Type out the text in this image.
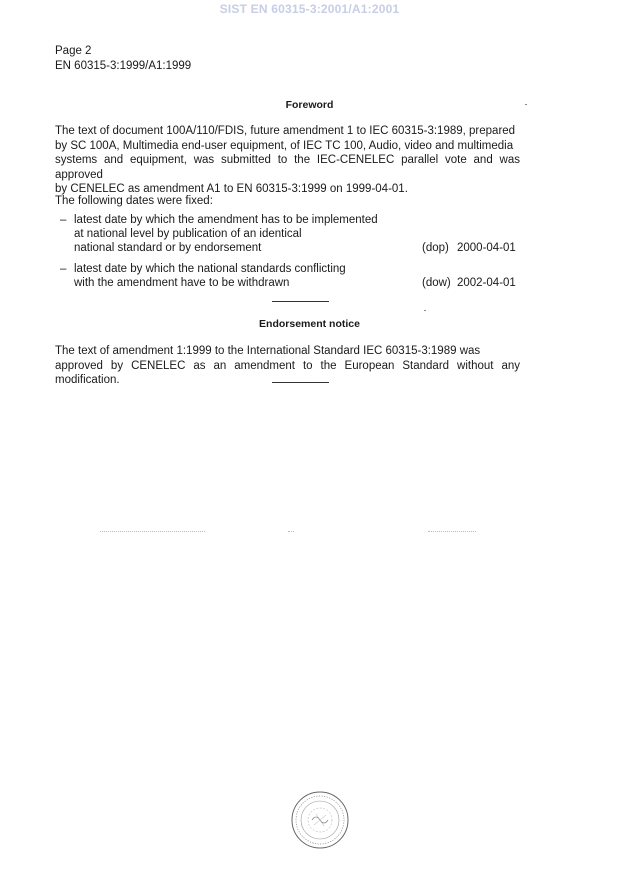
SIST EN 60315-3:2001/A1:2001
Page 2
EN 60315-3:1999/A1:1999
Foreword
The text of document 100A/110/FDIS, future amendment 1 to IEC 60315-3:1989, prepared
by SC 100A, Multimedia end-user equipment, of IEC TC 100, Audio, video and multimedia
systems and equipment, was submitted to the IEC-CENELEC parallel vote and was approved
by CENELEC as amendment A1 to EN 60315-3:1999 on 1999-04-01.
The following dates were fixed:
– latest date by which the amendment has to be implemented
at national level by publication of an identical
national standard or by endorsement	(dop) 2000-04-01
– latest date by which the national standards conflicting
with the amendment have to be withdrawn	(dow) 2002-04-01
Endorsement notice
The text of amendment 1:1999 to the International Standard IEC 60315-3:1989 was
approved by CENELEC as an amendment to the European Standard without any modification.
